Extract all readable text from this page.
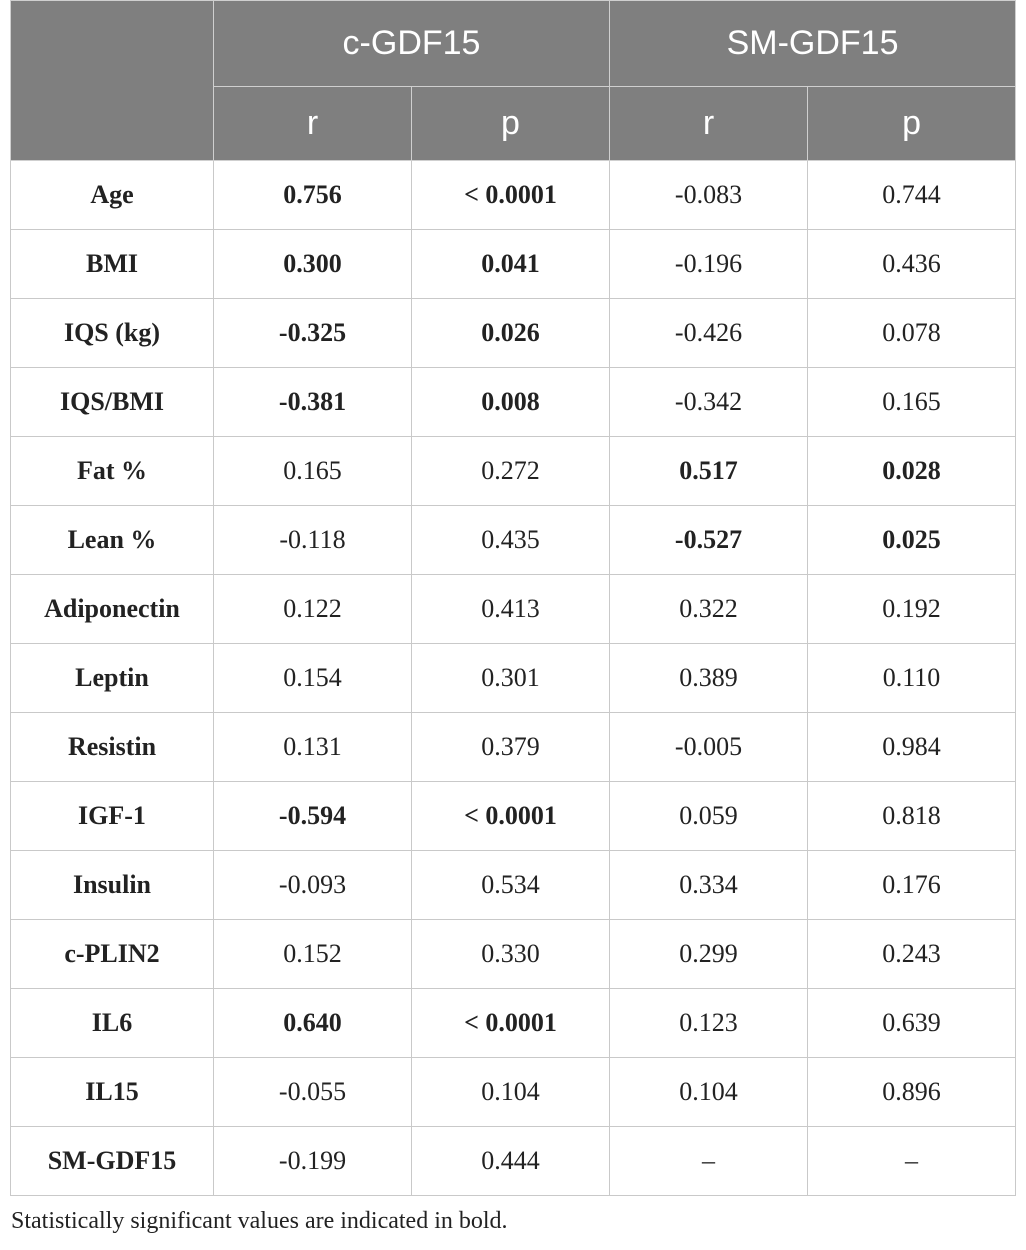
	c-GDF15		SM-GDF15	
	r	p	r	p
Age	0.756	< 0.0001	-0.083	0.744
BMI	0.300	0.041	-0.196	0.436
IQS (kg)	-0.325	0.026	-0.426	0.078
IQS/BMI	-0.381	0.008	-0.342	0.165
Fat %	0.165	0.272	0.517	0.028
Lean %	-0.118	0.435	-0.527	0.025
Adiponectin	0.122	0.413	0.322	0.192
Leptin	0.154	0.301	0.389	0.110
Resistin	0.131	0.379	-0.005	0.984
IGF-1	-0.594	< 0.0001	0.059	0.818
Insulin	-0.093	0.534	0.334	0.176
c-PLIN2	0.152	0.330	0.299	0.243
IL6	0.640	< 0.0001	0.123	0.639
IL15	-0.055	0.104	0.104	0.896
SM-GDF15	-0.199	0.444	–	–
Statistically significant values are indicated in bold.
